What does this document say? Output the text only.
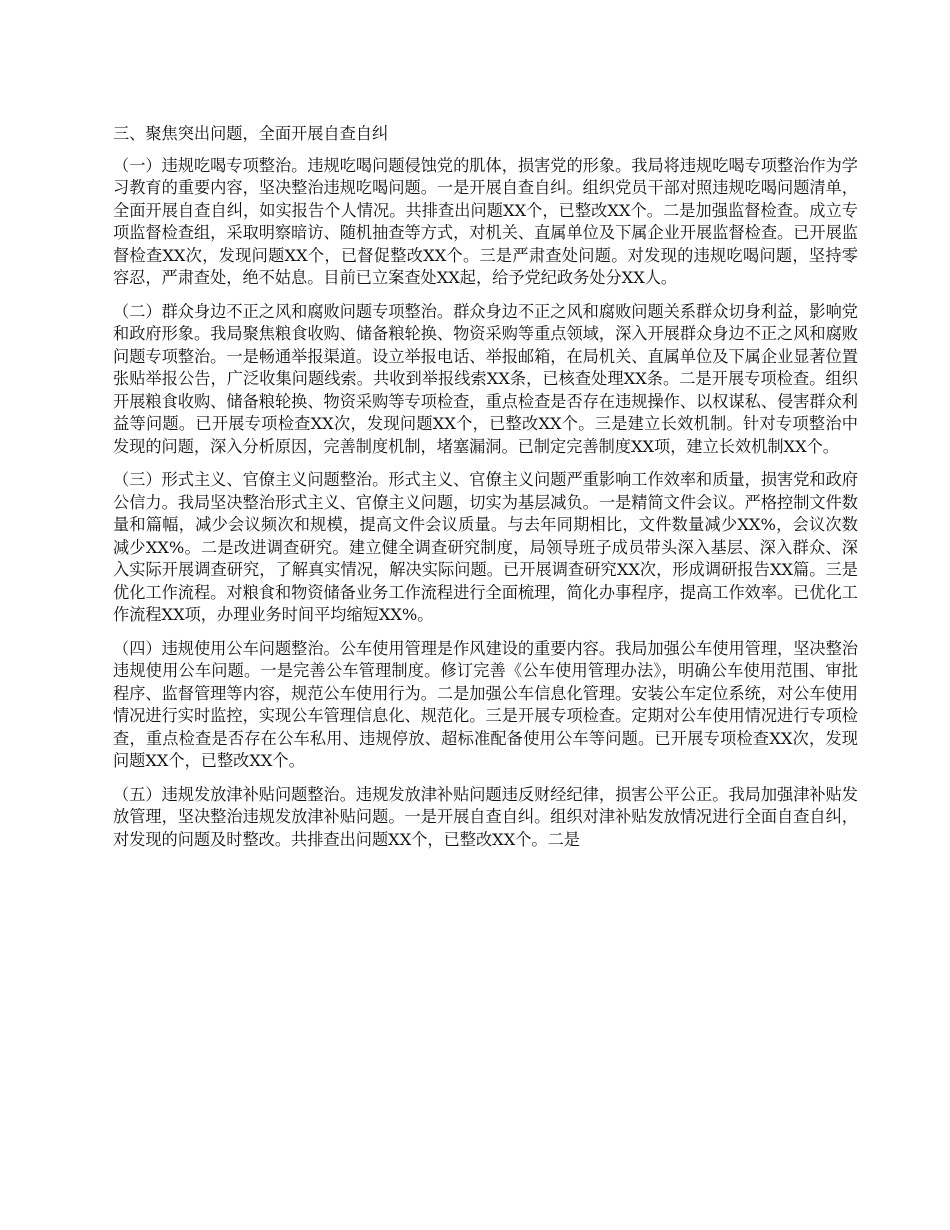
三、聚焦突出问题，全面开展自查自纠

（一）违规吃喝专项整治。违规吃喝问题侵蚀党的肌体，损害党的形象。我局将违规吃喝专项整治作为学习教育的重要内容，坚决整治违规吃喝问题。一是开展自查自纠。组织党员干部对照违规吃喝问题清单，全面开展自查自纠，如实报告个人情况。共排查出问题XX个，已整改XX个。二是加强监督检查。成立专项监督检查组，采取明察暗访、随机抽查等方式，对机关、直属单位及下属企业开展监督检查。已开展监督检查XX次，发现问题XX个，已督促整改XX个。三是严肃查处问题。对发现的违规吃喝问题，坚持零容忍，严肃查处，绝不姑息。目前已立案查处XX起，给予党纪政务处分XX人。

（二）群众身边不正之风和腐败问题专项整治。群众身边不正之风和腐败问题关系群众切身利益，影响党和政府形象。我局聚焦粮食收购、储备粮轮换、物资采购等重点领域，深入开展群众身边不正之风和腐败问题专项整治。一是畅通举报渠道。设立举报电话、举报邮箱，在局机关、直属单位及下属企业显著位置张贴举报公告，广泛收集问题线索。共收到举报线索XX条，已核查处理XX条。二是开展专项检查。组织开展粮食收购、储备粮轮换、物资采购等专项检查，重点检查是否存在违规操作、以权谋私、侵害群众利益等问题。已开展专项检查XX次，发现问题XX个，已整改XX个。三是建立长效机制。针对专项整治中发现的问题，深入分析原因，完善制度机制，堵塞漏洞。已制定完善制度XX项，建立长效机制XX个。

（三）形式主义、官僚主义问题整治。形式主义、官僚主义问题严重影响工作效率和质量，损害党和政府公信力。我局坚决整治形式主义、官僚主义问题，切实为基层减负。一是精简文件会议。严格控制文件数量和篇幅，减少会议频次和规模，提高文件会议质量。与去年同期相比，文件数量减少XX%，会议次数减少XX%。二是改进调查研究。建立健全调查研究制度，局领导班子成员带头深入基层、深入群众、深入实际开展调查研究，了解真实情况，解决实际问题。已开展调查研究XX次，形成调研报告XX篇。三是优化工作流程。对粮食和物资储备业务工作流程进行全面梳理，简化办事程序，提高工作效率。已优化工作流程XX项，办理业务时间平均缩短XX%。

（四）违规使用公车问题整治。公车使用管理是作风建设的重要内容。我局加强公车使用管理，坚决整治违规使用公车问题。一是完善公车管理制度。修订完善《公车使用管理办法》，明确公车使用范围、审批程序、监督管理等内容，规范公车使用行为。二是加强公车信息化管理。安装公车定位系统，对公车使用情况进行实时监控，实现公车管理信息化、规范化。三是开展专项检查。定期对公车使用情况进行专项检查，重点检查是否存在公车私用、违规停放、超标准配备使用公车等问题。已开展专项检查XX次，发现问题XX个，已整改XX个。

（五）违规发放津补贴问题整治。违规发放津补贴问题违反财经纪律，损害公平公正。我局加强津补贴发放管理，坚决整治违规发放津补贴问题。一是开展自查自纠。组织对津补贴发放情况进行全面自查自纠，对发现的问题及时整改。共排查出问题XX个，已整改XX个。二是
